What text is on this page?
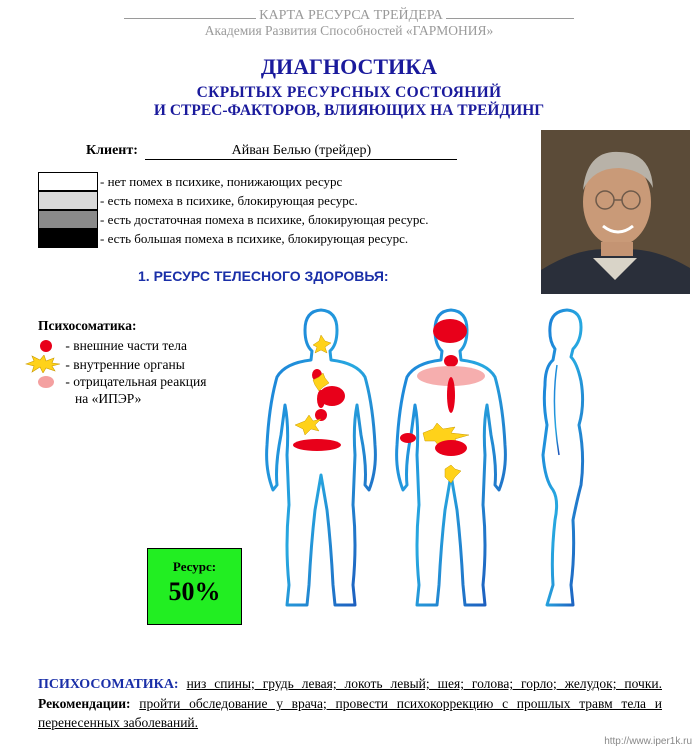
КАРТА РЕСУРСА ТРЕЙДЕРА
Академия Развития Способностей «ГАРМОНИЯ»
ДИАГНОСТИКА
СКРЫТЫХ РЕСУРСНЫХ СОСТОЯНИЙ
И СТРЕС-ФАКТОРОВ, ВЛИЯЮЩИХ НА ТРЕЙДИНГ
Клиент:	Айван Белью (трейдер)
- нет помех в психике, понижающих ресурс
- есть помеха в психике, блокирующая ресурс.
- есть достаточная помеха в психике, блокирующая ресурс.
- есть большая помеха в психике, блокирующая ресурс.
1. РЕСУРС ТЕЛЕСНОГО ЗДОРОВЬЯ:
Психосоматика:
- внешние части тела
- внутренние органы
- отрицательная реакция
на «ИПЭР»
Ресурс:
50%
ПСИХОСОМАТИКА: низ спины; грудь левая; локоть левый; шея; голова; горло; желудок; почки. Рекомендации: пройти обследование у врача; провести психокоррекцию с прошлых травм тела и перенесенных заболеваний.
http://www.iper1k.ru
